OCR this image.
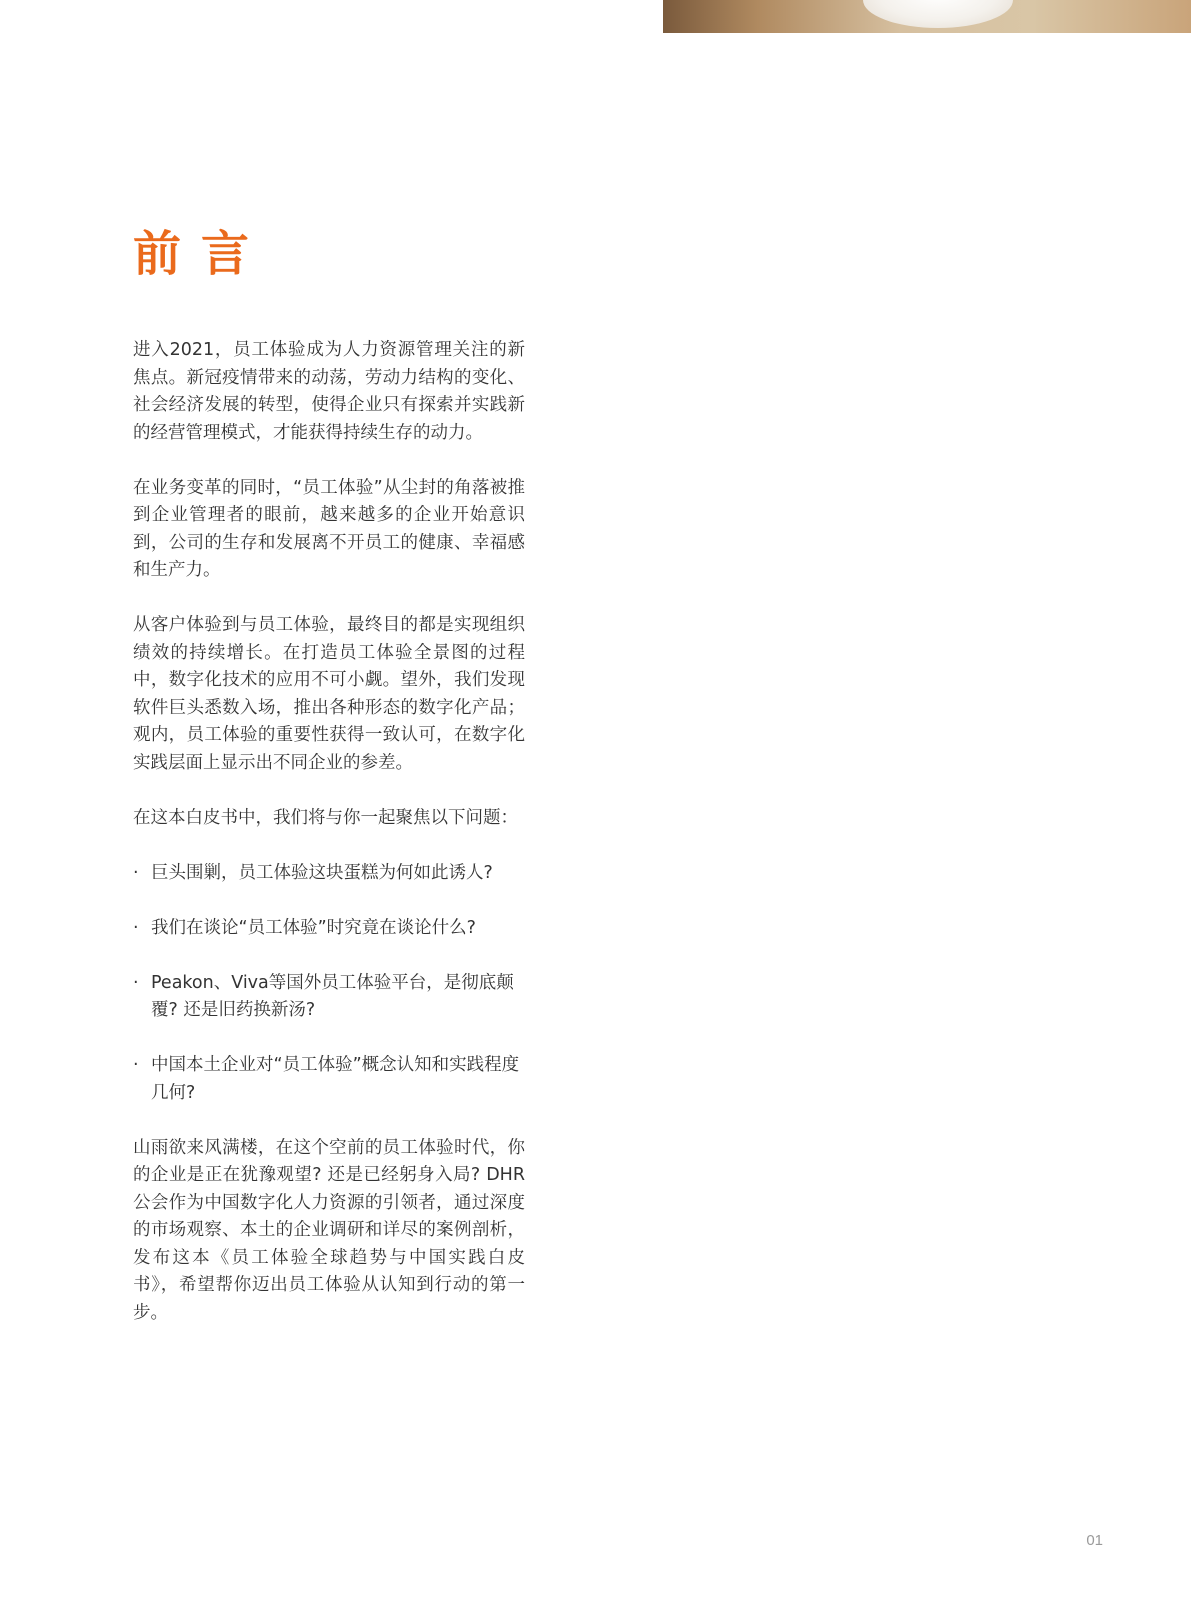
前言

进入2021，员工体验成为人力资源管理关注的新焦点。新冠疫情带来的动荡，劳动力结构的变化、社会经济发展的转型，使得企业只有探索并实践新的经营管理模式，才能获得持续生存的动力。

在业务变革的同时，“员工体验”从尘封的角落被推到企业管理者的眼前，越来越多的企业开始意识到，公司的生存和发展离不开员工的健康、幸福感和生产力。

从客户体验到与员工体验，最终目的都是实现组织绩效的持续增长。在打造员工体验全景图的过程中，数字化技术的应用不可小觑。望外，我们发现软件巨头悉数入场，推出各种形态的数字化产品；观内，员工体验的重要性获得一致认可，在数字化实践层面上显示出不同企业的参差。

在这本白皮书中，我们将与你一起聚焦以下问题：

· 巨头围剿，员工体验这块蛋糕为何如此诱人?
· 我们在谈论“员工体验”时究竟在谈论什么?
· Peakon、Viva等国外员工体验平台，是彻底颠覆? 还是旧药换新汤?
· 中国本土企业对“员工体验”概念认知和实践程度几何?

山雨欲来风满楼，在这个空前的员工体验时代，你的企业是正在犹豫观望? 还是已经躬身入局? DHR公会作为中国数字化人力资源的引领者，通过深度的市场观察、本土的企业调研和详尽的案例剖析，发布这本《员工体验全球趋势与中国实践白皮书》，希望帮你迈出员工体验从认知到行动的第一步。

01
